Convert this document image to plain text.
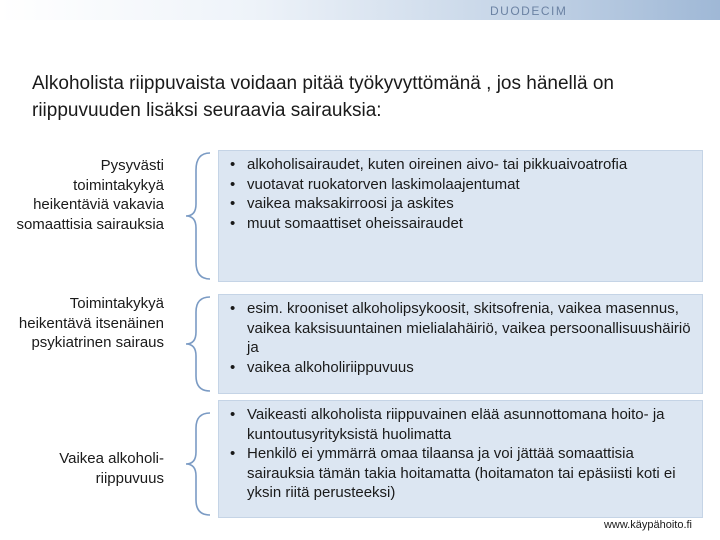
DUODECIM
Alkoholista riippuvaista voidaan pitää työkyvyttömänä , jos hänellä on riippuvuuden lisäksi seuraavia sairauksia:
Pysyvästi toimintakykyä heikentäviä vakavia somaattisia sairauksia
• alkoholisairaudet, kuten oireinen aivo- tai pikkuaivoatrofia
• vuotavat ruokatorven laskimolaajentumat
• vaikea maksakirroosi ja askites
• muut somaattiset oheissairaudet
Toimintakykyä heikentävä itsenäinen psykiatrinen sairaus
• esim. krooniset alkoholipsykoosit, skitsofrenia, vaikea masennus, vaikea kaksisuuntainen mielialahäiriö, vaikea persoonallisuushäiriö ja
• vaikea alkoholiriippuvuus
Vaikea alkoholi-riippuvuus
• Vaikeasti alkoholista riippuvainen elää asunnottomana hoito- ja kuntoutusyrityksistä huolimatta
• Henkilö ei ymmärrä omaa tilaansa ja voi jättää somaattisia sairauksia tämän takia hoitamatta (hoitamaton tai epäsiisti koti ei yksin riitä perusteeksi)
www.käypähoito.fi
